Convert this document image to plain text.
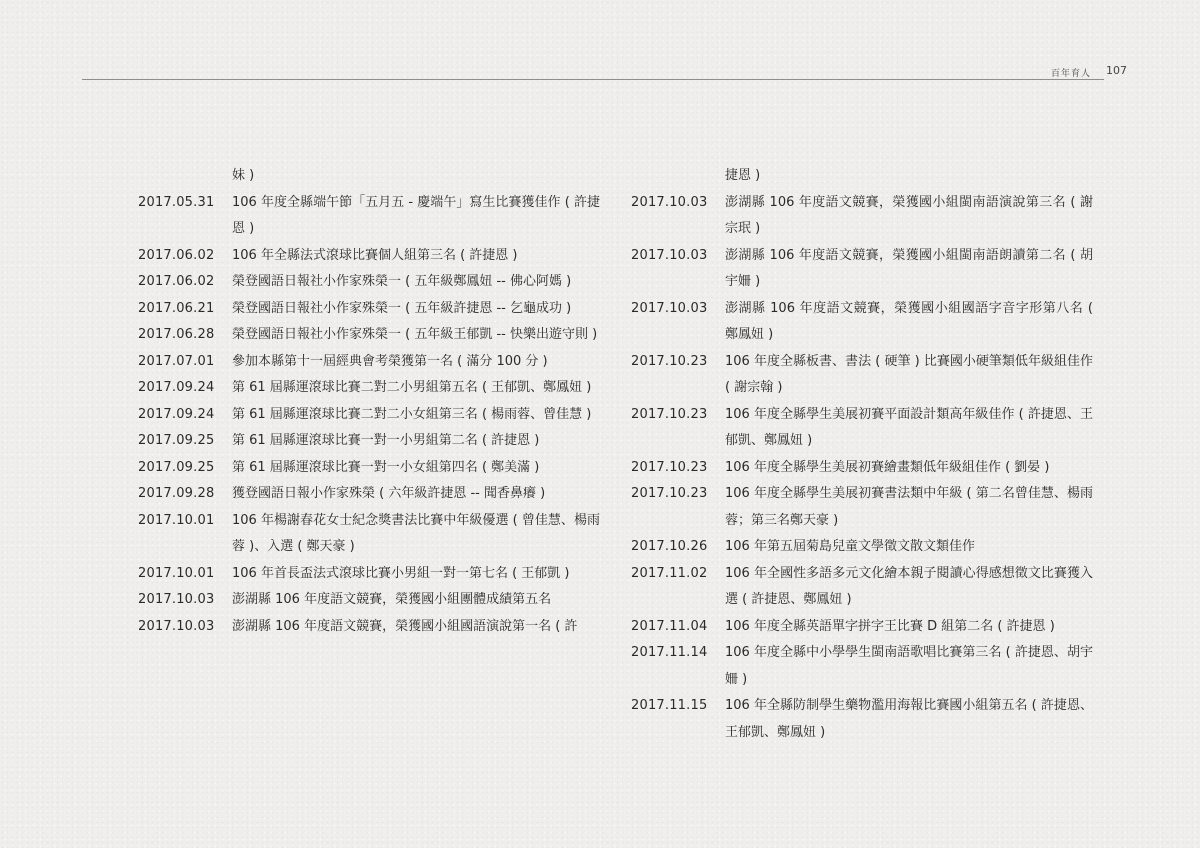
百年育人 107
妹 )
2017.05.31	106 年度全縣端午節「五月五 - 慶端午」寫生比賽獲佳作 ( 許捷恩 )
2017.06.02	106 年全縣法式滾球比賽個人組第三名 ( 許捷恩 )
2017.06.02	榮登國語日報社小作家殊榮一 ( 五年級鄭鳳妞 -- 佛心阿媽 )
2017.06.21	榮登國語日報社小作家殊榮一 ( 五年級許捷恩 -- 乞龜成功 )
2017.06.28	榮登國語日報社小作家殊榮一 ( 五年級王郁凱 -- 快樂出遊守則 )
2017.07.01	參加本縣第十一屆經典會考榮獲第一名 ( 滿分 100 分 )
2017.09.24	第 61 屆縣運滾球比賽二對二小男組第五名 ( 王郁凱、鄭鳳妞 )
2017.09.24	第 61 屆縣運滾球比賽二對二小女組第三名 ( 楊雨蓉、曾佳慧 )
2017.09.25	第 61 屆縣運滾球比賽一對一小男組第二名 ( 許捷恩 )
2017.09.25	第 61 屆縣運滾球比賽一對一小女組第四名 ( 鄭美滿 )
2017.09.28	獲登國語日報小作家殊榮 ( 六年級許捷恩 -- 聞香鼻癢 )
2017.10.01	106 年楊謝春花女士紀念獎書法比賽中年級優選 ( 曾佳慧、楊雨蓉 )、入選 ( 鄭天豪 )
2017.10.01	106 年首長盃法式滾球比賽小男組一對一第七名 ( 王郁凱 )
2017.10.03	澎湖縣 106 年度語文競賽，榮獲國小組團體成績第五名
2017.10.03	澎湖縣 106 年度語文競賽，榮獲國小組國語演說第一名 ( 許
捷恩 )
2017.10.03	澎湖縣 106 年度語文競賽，榮獲國小組閩南語演說第三名 ( 謝宗珉 )
2017.10.03	澎湖縣 106 年度語文競賽，榮獲國小組閩南語朗讀第二名 ( 胡宇姍 )
2017.10.03	澎湖縣 106 年度語文競賽，榮獲國小組國語字音字形第八名 ( 鄭鳳妞 )
2017.10.23	106 年度全縣板書、書法 ( 硬筆 ) 比賽國小硬筆類低年級組佳作 ( 謝宗翰 )
2017.10.23	106 年度全縣學生美展初賽平面設計類高年級佳作 ( 許捷恩、王郁凱、鄭鳳妞 )
2017.10.23	106 年度全縣學生美展初賽繪畫類低年級組佳作 ( 劉晏 )
2017.10.23	106 年度全縣學生美展初賽書法類中年級 ( 第二名曾佳慧、楊雨蓉；第三名鄭天豪 )
2017.10.26	106 年第五屆菊島兒童文學徵文散文類佳作
2017.11.02	106 年全國性多語多元文化繪本親子閱讀心得感想徵文比賽獲入選 ( 許捷恩、鄭鳳妞 )
2017.11.04	106 年度全縣英語單字拼字王比賽 D 組第二名 ( 許捷恩 )
2017.11.14	106 年度全縣中小學學生閩南語歌唱比賽第三名 ( 許捷恩、胡宇姍 )
2017.11.15	106 年全縣防制學生藥物濫用海報比賽國小組第五名 ( 許捷恩、王郁凱、鄭鳳妞 )
